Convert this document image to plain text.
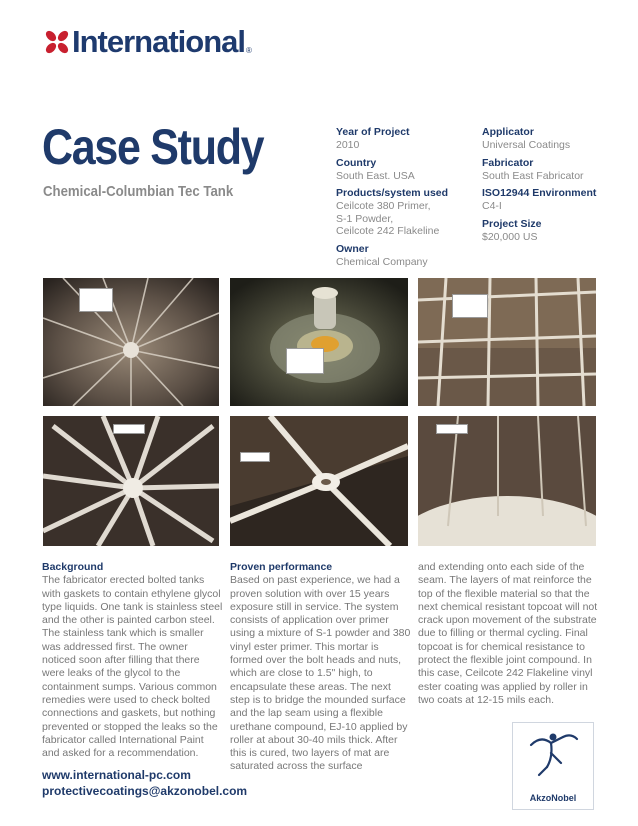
International ®
Case Study
Chemical-Columbian Tec Tank
Year of Project
2010
Country
South East. USA
Products/system used
Ceilcote 380 Primer,
S-1 Powder,
Ceilcote 242 Flakeline
Owner
Chemical Company
Applicator
Universal Coatings
Fabricator
South East Fabricator
ISO12944 Environment
C4-I
Project Size
$20,000 US
Background
The fabricator erected bolted tanks with gaskets to contain ethylene glycol type liquids. One tank is stainless steel and the other is painted carbon steel. The stainless tank which is smaller was addressed first. The owner noticed soon after filling that there were leaks of the glycol to the containment sumps. Various common remedies were used to check bolted connections and gaskets, but nothing prevented or stopped the leaks so the fabricator called International Paint and asked for a recommendation.
Proven performance
Based on past experience, we had a proven solution with over 15 years exposure still in service. The system consists of application over primer using a mixture of S-1 powder and 380 vinyl ester primer. This mortar is formed over the bolt heads and nuts, which are close to 1.5" high, to encapsulate these areas. The next step is to bridge the mounded surface and the lap seam using a flexible urethane compound, EJ-10 applied by roller at about 30-40 mils thick. After this is cured, two layers of mat are saturated across the surface
and extending onto each side of the seam. The layers of mat reinforce the top of the flexible material so that the next chemical resistant topcoat will not crack upon movement of the substrate due to filling or thermal cycling. Final topcoat is for chemical resistance to protect the flexible joint compound. In this case, Ceilcote 242 Flakeline vinyl ester coating was applied by roller in two coats at 12-15 mils each.
www.international-pc.com
protectivecoatings@akzonobel.com	AkzoNobel
